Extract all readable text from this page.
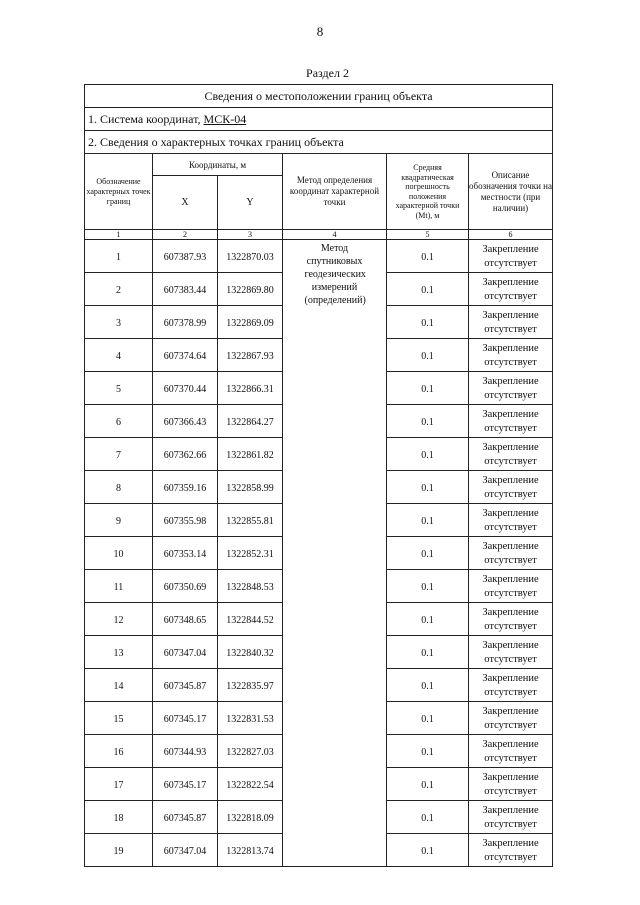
8
Раздел 2
Сведения о местоположении границ объекта					
1. Система координат, МСК-04					
2. Сведения о характерных точках границ объекта					
Обозначение характерных точек границ	Координаты, м		Метод определения координат характерной точки	Средняя квадратическая погрешность положения характерной точки (Mt), м	Описание обозначения точки на местности (при наличии)
	X	Y			
1	2	3	4	5	6
1	607387.93	1322870.03	Метод спутниковых геодезических измерений (определений)	0.1	Закрепление отсутствует
2	607383.44	1322869.80		0.1	Закрепление отсутствует
3	607378.99	1322869.09		0.1	Закрепление отсутствует
4	607374.64	1322867.93		0.1	Закрепление отсутствует
5	607370.44	1322866.31		0.1	Закрепление отсутствует
6	607366.43	1322864.27		0.1	Закрепление отсутствует
7	607362.66	1322861.82		0.1	Закрепление отсутствует
8	607359.16	1322858.99		0.1	Закрепление отсутствует
9	607355.98	1322855.81		0.1	Закрепление отсутствует
10	607353.14	1322852.31		0.1	Закрепление отсутствует
11	607350.69	1322848.53		0.1	Закрепление отсутствует
12	607348.65	1322844.52		0.1	Закрепление отсутствует
13	607347.04	1322840.32		0.1	Закрепление отсутствует
14	607345.87	1322835.97		0.1	Закрепление отсутствует
15	607345.17	1322831.53		0.1	Закрепление отсутствует
16	607344.93	1322827.03		0.1	Закрепление отсутствует
17	607345.17	1322822.54		0.1	Закрепление отсутствует
18	607345.87	1322818.09		0.1	Закрепление отсутствует
19	607347.04	1322813.74		0.1	Закрепление отсутствует
